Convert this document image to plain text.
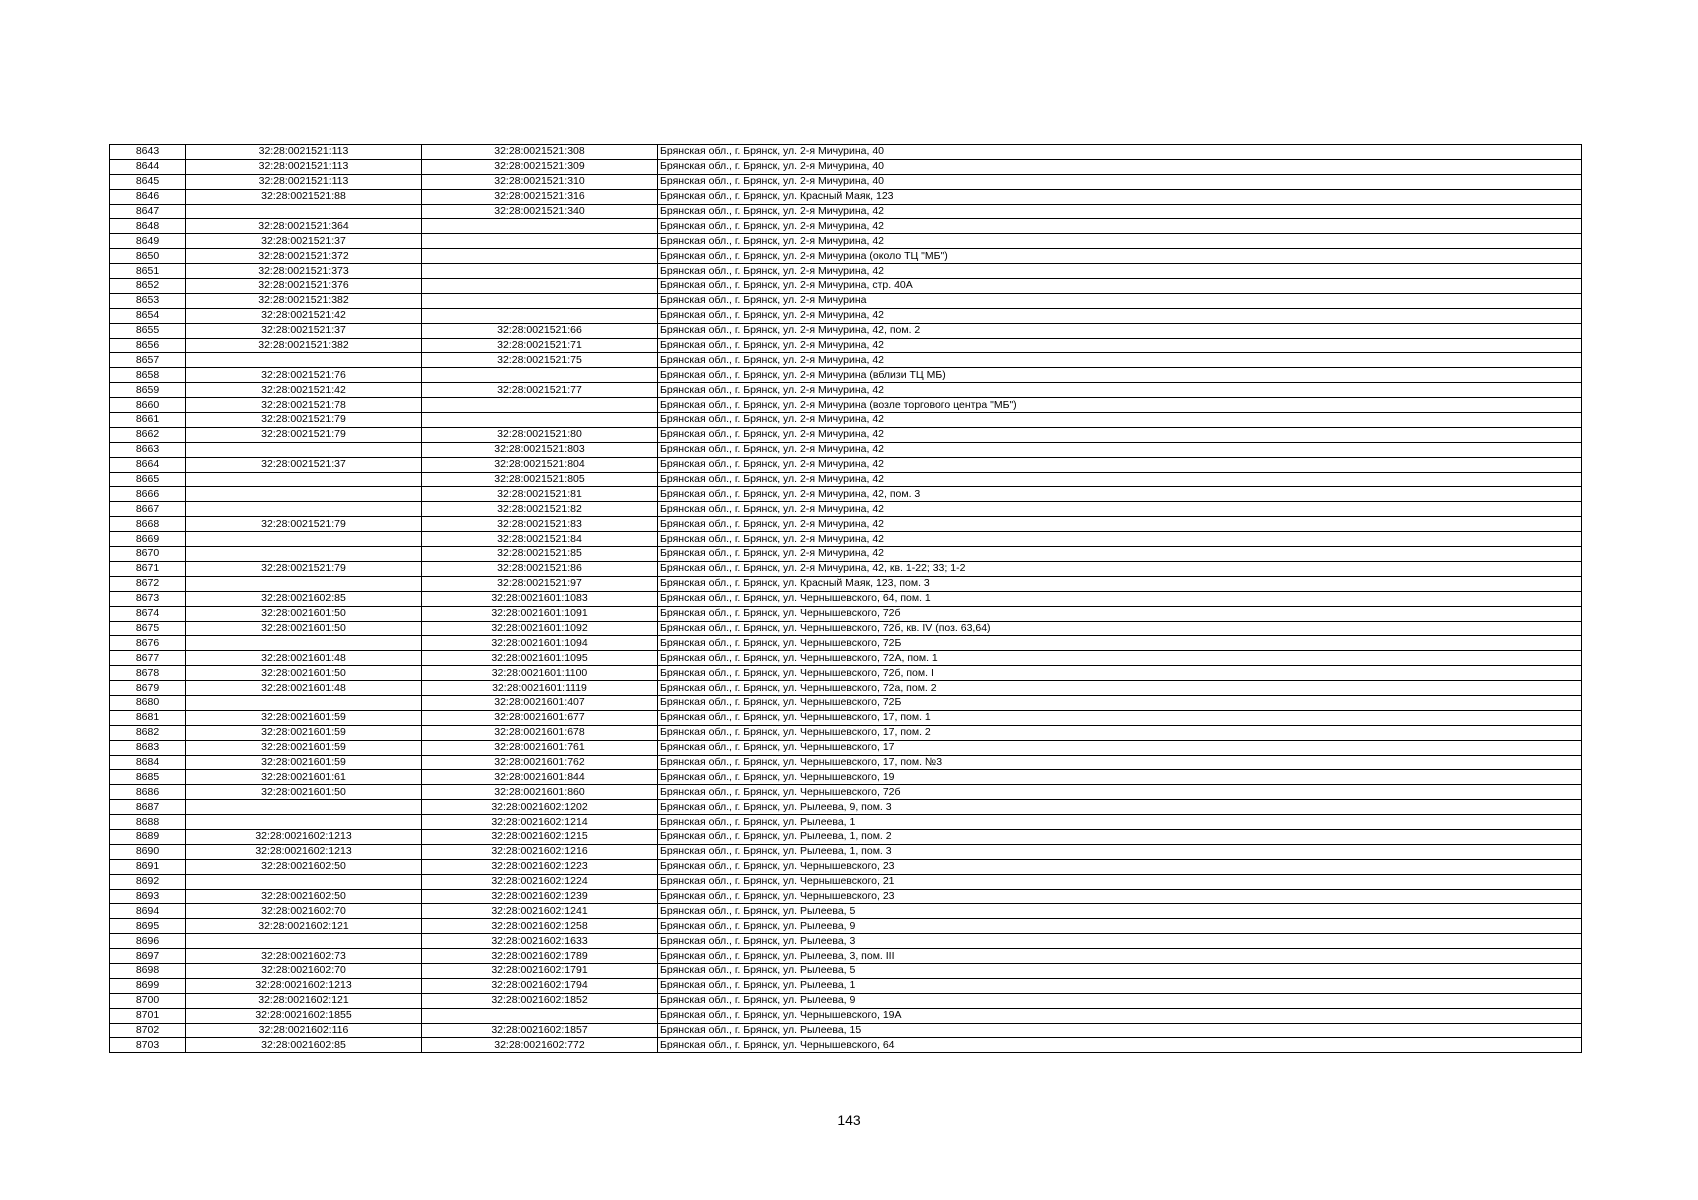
8643	32:28:0021521:113	32:28:0021521:308	Брянская обл., г. Брянск, ул. 2-я Мичурина, 40
8644	32:28:0021521:113	32:28:0021521:309	Брянская обл., г. Брянск, ул. 2-я Мичурина, 40
8645	32:28:0021521:113	32:28:0021521:310	Брянская обл., г. Брянск, ул. 2-я Мичурина, 40
8646	32:28:0021521:88	32:28:0021521:316	Брянская обл., г. Брянск, ул. Красный Маяк, 123
8647		32:28:0021521:340	Брянская обл., г. Брянск, ул. 2-я Мичурина, 42
8648	32:28:0021521:364		Брянская обл., г. Брянск, ул. 2-я Мичурина, 42
8649	32:28:0021521:37		Брянская обл., г. Брянск, ул. 2-я Мичурина, 42
8650	32:28:0021521:372		Брянская обл., г. Брянск, ул. 2-я Мичурина (около ТЦ "МБ")
8651	32:28:0021521:373		Брянская обл., г. Брянск, ул. 2-я Мичурина, 42
8652	32:28:0021521:376		Брянская обл., г. Брянск, ул. 2-я Мичурина, стр. 40А
8653	32:28:0021521:382		Брянская обл., г. Брянск, ул. 2-я Мичурина
8654	32:28:0021521:42		Брянская обл., г. Брянск, ул. 2-я Мичурина, 42
8655	32:28:0021521:37	32:28:0021521:66	Брянская обл., г. Брянск, ул. 2-я Мичурина, 42, пом. 2
8656	32:28:0021521:382	32:28:0021521:71	Брянская обл., г. Брянск, ул. 2-я Мичурина, 42
8657		32:28:0021521:75	Брянская обл., г. Брянск, ул. 2-я Мичурина, 42
8658	32:28:0021521:76		Брянская обл., г. Брянск, ул. 2-я Мичурина (вблизи ТЦ МБ)
8659	32:28:0021521:42	32:28:0021521:77	Брянская обл., г. Брянск, ул. 2-я Мичурина, 42
8660	32:28:0021521:78		Брянская обл., г. Брянск, ул. 2-я Мичурина (возле торгового центра "МБ")
8661	32:28:0021521:79		Брянская обл., г. Брянск, ул. 2-я Мичурина, 42
8662	32:28:0021521:79	32:28:0021521:80	Брянская обл., г. Брянск, ул. 2-я Мичурина, 42
8663		32:28:0021521:803	Брянская обл., г. Брянск, ул. 2-я Мичурина, 42
8664	32:28:0021521:37	32:28:0021521:804	Брянская обл., г. Брянск, ул. 2-я Мичурина, 42
8665		32:28:0021521:805	Брянская обл., г. Брянск, ул. 2-я Мичурина, 42
8666		32:28:0021521:81	Брянская обл., г. Брянск, ул. 2-я Мичурина, 42, пом. 3
8667		32:28:0021521:82	Брянская обл., г. Брянск, ул. 2-я Мичурина, 42
8668	32:28:0021521:79	32:28:0021521:83	Брянская обл., г. Брянск, ул. 2-я Мичурина, 42
8669		32:28:0021521:84	Брянская обл., г. Брянск, ул. 2-я Мичурина, 42
8670		32:28:0021521:85	Брянская обл., г. Брянск, ул. 2-я Мичурина, 42
8671	32:28:0021521:79	32:28:0021521:86	Брянская обл., г. Брянск, ул. 2-я Мичурина, 42, кв. 1-22; 33; 1-2
8672		32:28:0021521:97	Брянская обл., г. Брянск, ул. Красный Маяк, 123, пом. 3
8673	32:28:0021602:85	32:28:0021601:1083	Брянская обл., г. Брянск, ул. Чернышевского, 64, пом. 1
8674	32:28:0021601:50	32:28:0021601:1091	Брянская обл., г. Брянск, ул. Чернышевского, 72б
8675	32:28:0021601:50	32:28:0021601:1092	Брянская обл., г. Брянск, ул. Чернышевского, 72б, кв. IV (поз. 63,64)
8676		32:28:0021601:1094	Брянская обл., г. Брянск, ул. Чернышевского, 72Б
8677	32:28:0021601:48	32:28:0021601:1095	Брянская обл., г. Брянск, ул. Чернышевского, 72А, пом. 1
8678	32:28:0021601:50	32:28:0021601:1100	Брянская обл., г. Брянск, ул. Чернышевского, 72б, пом. I
8679	32:28:0021601:48	32:28:0021601:1119	Брянская обл., г. Брянск, ул. Чернышевского, 72а, пом. 2
8680		32:28:0021601:407	Брянская обл., г. Брянск, ул. Чернышевского, 72Б
8681	32:28:0021601:59	32:28:0021601:677	Брянская обл., г. Брянск, ул. Чернышевского, 17, пом. 1
8682	32:28:0021601:59	32:28:0021601:678	Брянская обл., г. Брянск, ул. Чернышевского, 17, пом. 2
8683	32:28:0021601:59	32:28:0021601:761	Брянская обл., г. Брянск, ул. Чернышевского, 17
8684	32:28:0021601:59	32:28:0021601:762	Брянская обл., г. Брянск, ул. Чернышевского, 17, пом. №3
8685	32:28:0021601:61	32:28:0021601:844	Брянская обл., г. Брянск, ул. Чернышевского, 19
8686	32:28:0021601:50	32:28:0021601:860	Брянская обл., г. Брянск, ул. Чернышевского, 72б
8687		32:28:0021602:1202	Брянская обл., г. Брянск, ул. Рылеева, 9, пом. 3
8688		32:28:0021602:1214	Брянская обл., г. Брянск, ул. Рылеева, 1
8689	32:28:0021602:1213	32:28:0021602:1215	Брянская обл., г. Брянск, ул. Рылеева, 1, пом. 2
8690	32:28:0021602:1213	32:28:0021602:1216	Брянская обл., г. Брянск, ул. Рылеева, 1, пом. 3
8691	32:28:0021602:50	32:28:0021602:1223	Брянская обл., г. Брянск, ул. Чернышевского, 23
8692		32:28:0021602:1224	Брянская обл., г. Брянск, ул. Чернышевского, 21
8693	32:28:0021602:50	32:28:0021602:1239	Брянская обл., г. Брянск, ул. Чернышевского, 23
8694	32:28:0021602:70	32:28:0021602:1241	Брянская обл., г. Брянск, ул. Рылеева, 5
8695	32:28:0021602:121	32:28:0021602:1258	Брянская обл., г. Брянск, ул. Рылеева, 9
8696		32:28:0021602:1633	Брянская обл., г. Брянск, ул. Рылеева, 3
8697	32:28:0021602:73	32:28:0021602:1789	Брянская обл., г. Брянск, ул. Рылеева, 3, пом. III
8698	32:28:0021602:70	32:28:0021602:1791	Брянская обл., г. Брянск, ул. Рылеева, 5
8699	32:28:0021602:1213	32:28:0021602:1794	Брянская обл., г. Брянск, ул. Рылеева, 1
8700	32:28:0021602:121	32:28:0021602:1852	Брянская обл., г. Брянск, ул. Рылеева, 9
8701	32:28:0021602:1855		Брянская обл., г. Брянск, ул. Чернышевского, 19А
8702	32:28:0021602:116	32:28:0021602:1857	Брянская обл., г. Брянск, ул. Рылеева, 15
8703	32:28:0021602:85	32:28:0021602:772	Брянская обл., г. Брянск, ул. Чернышевского, 64
143
